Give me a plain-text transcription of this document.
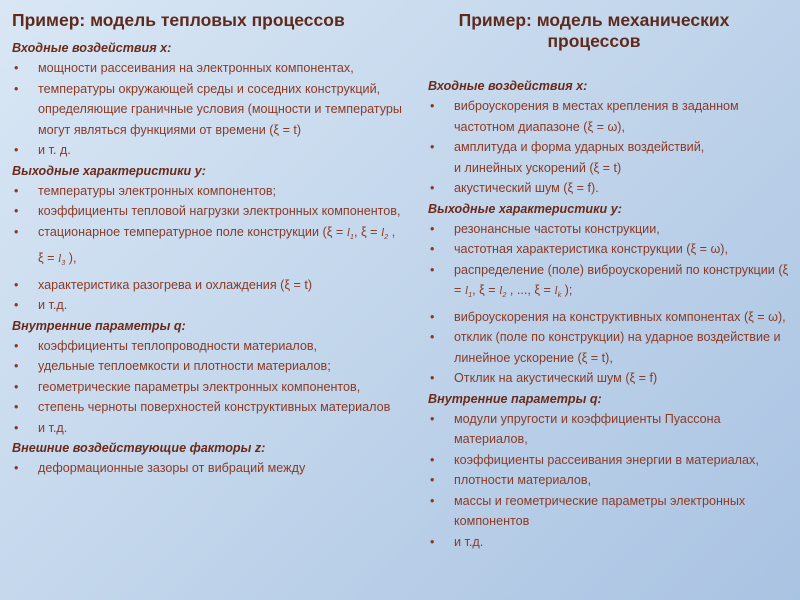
Пример: модель тепловых процессов
Входные воздействия x:
• мощности рассеивания на электронных компонентах,
• температуры окружающей среды и соседних конструкций, определяющие граничные условия (мощности и температуры могут являться функциями от времени (ξ = t)
• и т. д.
Выходные характеристики y:
• температуры электронных компонентов;
• коэффициенты тепловой нагрузки электронных компонентов,
• стационарное температурное поле конструкции ($\xi = l_1$, $\xi = l_2$ , $\xi = l_3$ ),
• характеристика разогрева и охлаждения (ξ = t)
• и т.д.
Внутренние параметры q:
• коэффициенты теплопроводности материалов,
• удельные теплоемкости и плотности материалов;
• геометрические параметры электронных компонентов,
• степень черноты поверхностей конструктивных материалов
• и т.д.
Внешние воздействующие факторы z:
• деформационные зазоры от вибраций между
Пример: модель механических процессов
Входные воздействия x:
• виброускорения в местах крепления в заданном частотном диапазоне (ξ = ω),
• амплитуда и форма ударных воздействий,
и линейных ускорений (ξ = t)
• акустический шум (ξ = f).
Выходные характеристики y:
• резонансные частоты конструкции,
• частотная характеристика конструкции (ξ = ω),
• распределение (поле) виброускорений по конструкции ($\xi = l_1$, $\xi = l_2$ , ..., $\xi = l_k$ );
• виброускорения на конструктивных компонентах (ξ = ω),
• отклик (поле по конструкции) на ударное воздействие и линейное ускорение (ξ = t),
• Отклик на акустический шум (ξ = f)
Внутренние параметры q:
• модули упругости и коэффициенты Пуассона материалов,
• коэффициенты рассеивания энергии в материалах,
• плотности материалов,
• массы и геометрические параметры электронных компонентов
• и т.д.
